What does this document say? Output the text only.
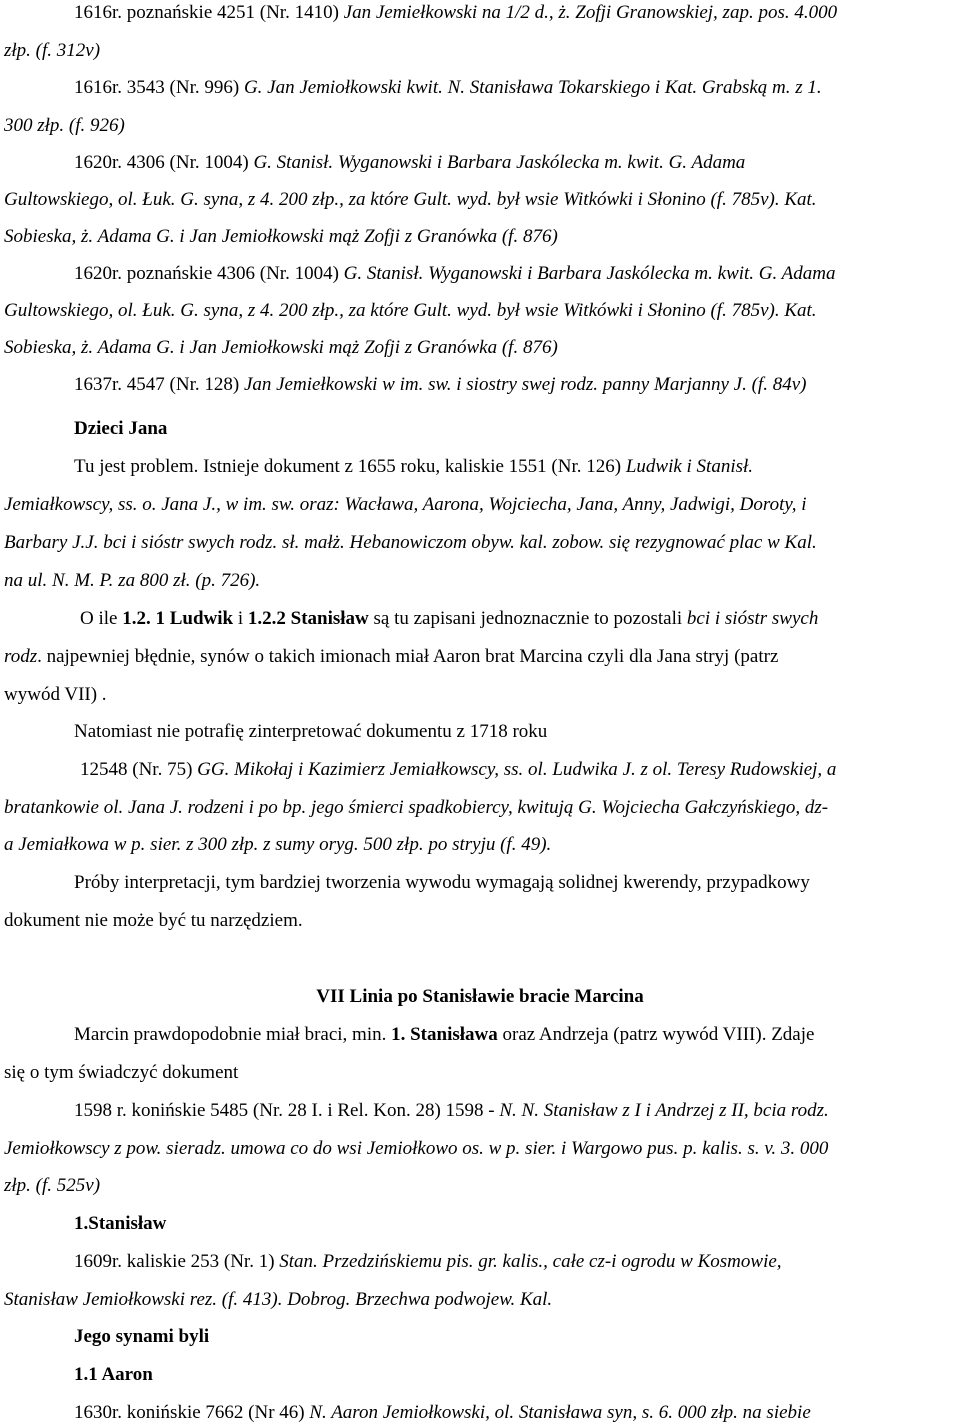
1616r. poznańskie 4251 (Nr. 1410) Jan Jemiełkowski na 1/2 d., ż. Zofji Granowskiej, zap. pos. 4.000
złp. (f. 312v)
1616r. 3543 (Nr. 996) G. Jan Jemiołkowski kwit. N. Stanisława Tokarskiego i Kat. Grabską m. z 1.
300 złp. (f. 926)
1620r. 4306 (Nr. 1004) G. Stanisł. Wyganowski i Barbara Jaskólecka m. kwit. G. Adama
Gultowskiego, ol. Łuk. G. syna, z 4. 200 złp., za które Gult. wyd. był wsie Witkówki i Słonino (f. 785v). Kat.
Sobieska, ż. Adama G. i Jan Jemiołkowski mąż Zofji z Granówka (f. 876)
1620r. poznańskie 4306 (Nr. 1004) G. Stanisł. Wyganowski i Barbara Jaskólecka m. kwit. G. Adama
Gultowskiego, ol. Łuk. G. syna, z 4. 200 złp., za które Gult. wyd. był wsie Witkówki i Słonino (f. 785v). Kat.
Sobieska, ż. Adama G. i Jan Jemiołkowski mąż Zofji z Granówka (f. 876)
1637r. 4547 (Nr. 128) Jan Jemiełkowski w im. sw. i siostry swej rodz. panny Marjanny J. (f. 84v)
Dzieci Jana
Tu jest problem. Istnieje dokument z 1655 roku, kaliskie 1551 (Nr. 126) Ludwik i Stanisł.
Jemiałkowscy, ss. o. Jana J., w im. sw. oraz: Wacława, Aarona, Wojciecha, Jana, Anny, Jadwigi, Doroty, i
Barbary J.J. bci i sióstr swych rodz. sł. małż. Hebanowiczom obyw. kal. zobow. się rezygnować plac w Kal.
na ul. N. M. P. za 800 zł. (p. 726).
O ile 1.2. 1 Ludwik i 1.2.2 Stanisław są tu zapisani jednoznacznie to pozostali bci i sióstr swych
rodz. najpewniej błędnie, synów o takich imionach miał Aaron brat Marcina czyli dla Jana stryj (patrz
wywód VII) .
Natomiast nie potrafię zinterpretować dokumentu z 1718 roku
12548 (Nr. 75) GG. Mikołaj i Kazimierz Jemiałkowscy, ss. ol. Ludwika J. z ol. Teresy Rudowskiej, a
bratankowie ol. Jana J. rodzeni i po bp. jego śmierci spadkobiercy, kwitują G. Wojciecha Gałczyńskiego, dz-
a Jemiałkowa w p. sier. z 300 złp. z sumy oryg. 500 złp. po stryju (f. 49).
Próby interpretacji, tym bardziej tworzenia wywodu wymagają solidnej kwerendy, przypadkowy
dokument nie może być tu narzędziem.
VII Linia po Stanisławie bracie Marcina
Marcin prawdopodobnie miał braci, min. 1. Stanisława oraz Andrzeja (patrz wywód VIII). Zdaje
się o tym świadczyć dokument
1598 r. konińskie 5485 (Nr. 28 I. i Rel. Kon. 28) 1598 - N. N. Stanisław z I i Andrzej z II, bcia rodz.
Jemiołkowscy z pow. sieradz. umowa co do wsi Jemiołkowo os. w p. sier. i Wargowo pus. p. kalis. s. v. 3. 000
złp. (f. 525v)
1.Stanisław
1609r. kaliskie 253 (Nr. 1) Stan. Przedzińskiemu pis. gr. kalis., całe cz-i ogrodu w Kosmowie,
Stanisław Jemiołkowski rez. (f. 413). Dobrog. Brzechwa podwojew. Kal.
Jego synami byli
1.1 Aaron
1630r. konińskie 7662 (Nr 46) N. Aaron Jemiołkowski, ol. Stanisława syn, s. 6. 000 złp. na siebie
